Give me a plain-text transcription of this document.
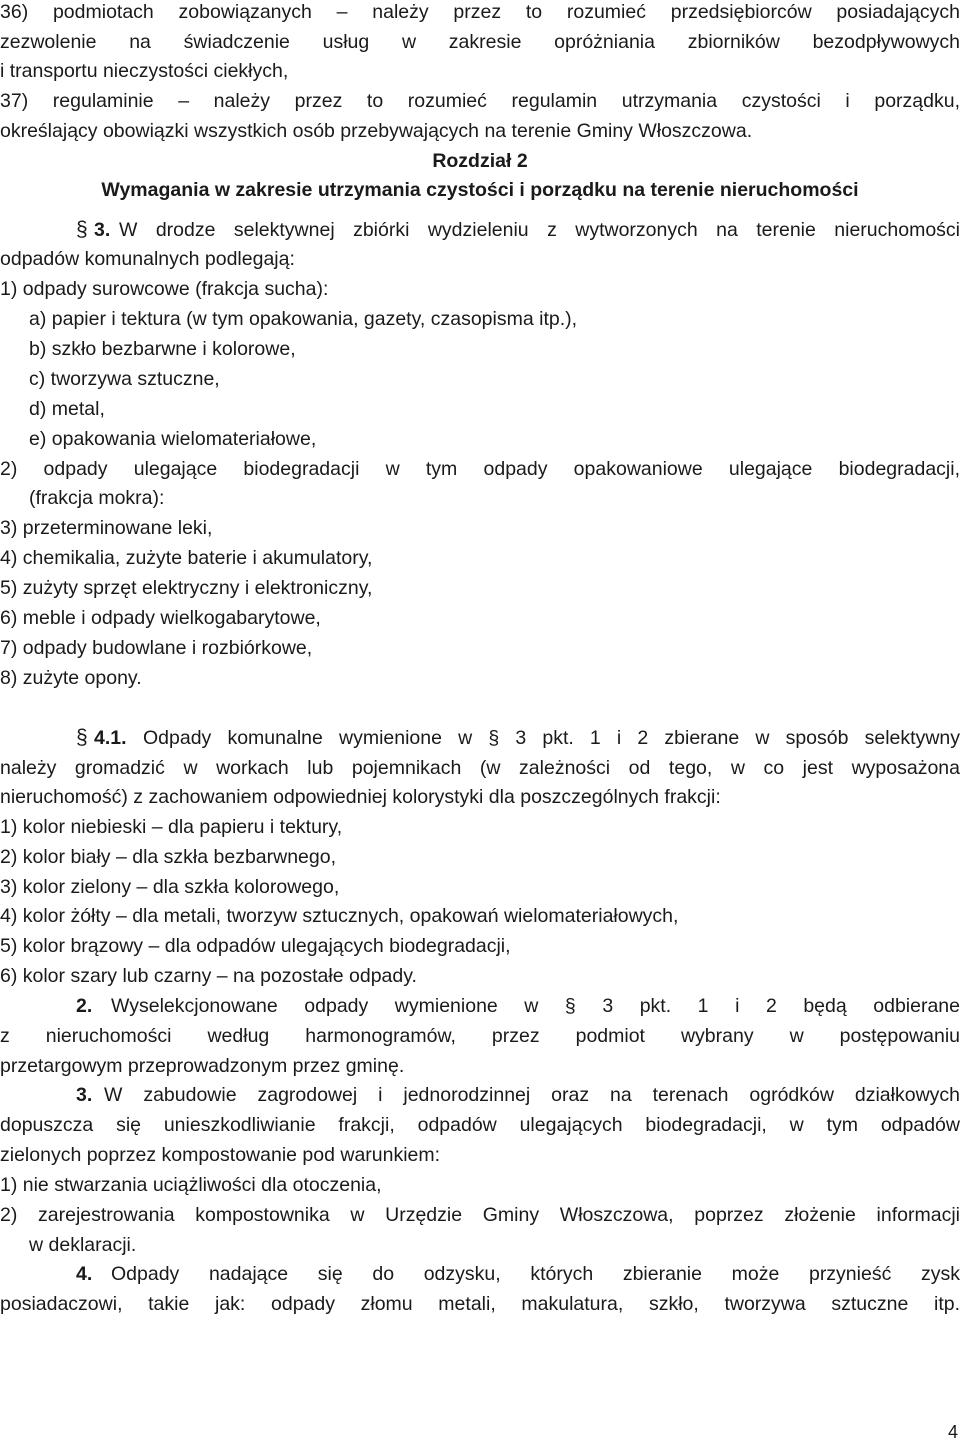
36) podmiotach zobowiązanych – należy przez to rozumieć przedsiębiorców posiadających
zezwolenie na świadczenie usług w zakresie opróżniania zbiorników bezodpływowych
i transportu nieczystości ciekłych,
37) regulaminie – należy przez to rozumieć regulamin utrzymania czystości i porządku,
określający obowiązki wszystkich osób przebywających na terenie Gminy Włoszczowa.
Rozdział 2
Wymagania w zakresie utrzymania czystości i porządku na terenie nieruchomości
§ 3. W drodze selektywnej zbiórki wydzieleniu z wytworzonych na terenie nieruchomości
odpadów komunalnych podlegają:
1) odpady surowcowe (frakcja sucha):
a) papier i tektura (w tym opakowania, gazety, czasopisma itp.),
b) szkło bezbarwne i kolorowe,
c) tworzywa sztuczne,
d) metal,
e) opakowania wielomateriałowe,
2) odpady ulegające biodegradacji w tym odpady opakowaniowe ulegające biodegradacji,
(frakcja mokra):
3) przeterminowane leki,
4) chemikalia, zużyte baterie i akumulatory,
5) zużyty sprzęt elektryczny i elektroniczny,
6) meble i odpady wielkogabarytowe,
7) odpady budowlane i rozbiórkowe,
8) zużyte opony.
§ 4.1. Odpady komunalne wymienione w § 3 pkt. 1 i 2 zbierane w sposób selektywny
należy gromadzić w workach lub pojemnikach (w zależności od tego, w co jest wyposażona
nieruchomość) z zachowaniem odpowiedniej kolorystyki dla poszczególnych frakcji:
1) kolor niebieski – dla papieru i tektury,
2) kolor biały – dla szkła bezbarwnego,
3) kolor zielony – dla szkła kolorowego,
4) kolor żółty – dla metali, tworzyw sztucznych, opakowań wielomateriałowych,
5) kolor brązowy – dla odpadów ulegających biodegradacji,
6) kolor szary lub czarny – na pozostałe odpady.
2. Wyselekcjonowane odpady wymienione w § 3 pkt. 1 i 2 będą odbierane
z nieruchomości według harmonogramów, przez podmiot wybrany w postępowaniu
przetargowym przeprowadzonym przez gminę.
3. W zabudowie zagrodowej i jednorodzinnej oraz na terenach ogródków działkowych
dopuszcza się unieszkodliwianie frakcji, odpadów ulegających biodegradacji, w tym odpadów
zielonych poprzez kompostowanie pod warunkiem:
1) nie stwarzania uciążliwości dla otoczenia,
2) zarejestrowania kompostownika w Urzędzie Gminy Włoszczowa, poprzez złożenie informacji
w deklaracji.
4. Odpady nadające się do odzysku, których zbieranie może przynieść zysk
posiadaczowi, takie jak: odpady złomu metali, makulatura, szkło, tworzywa sztuczne itp.
4
